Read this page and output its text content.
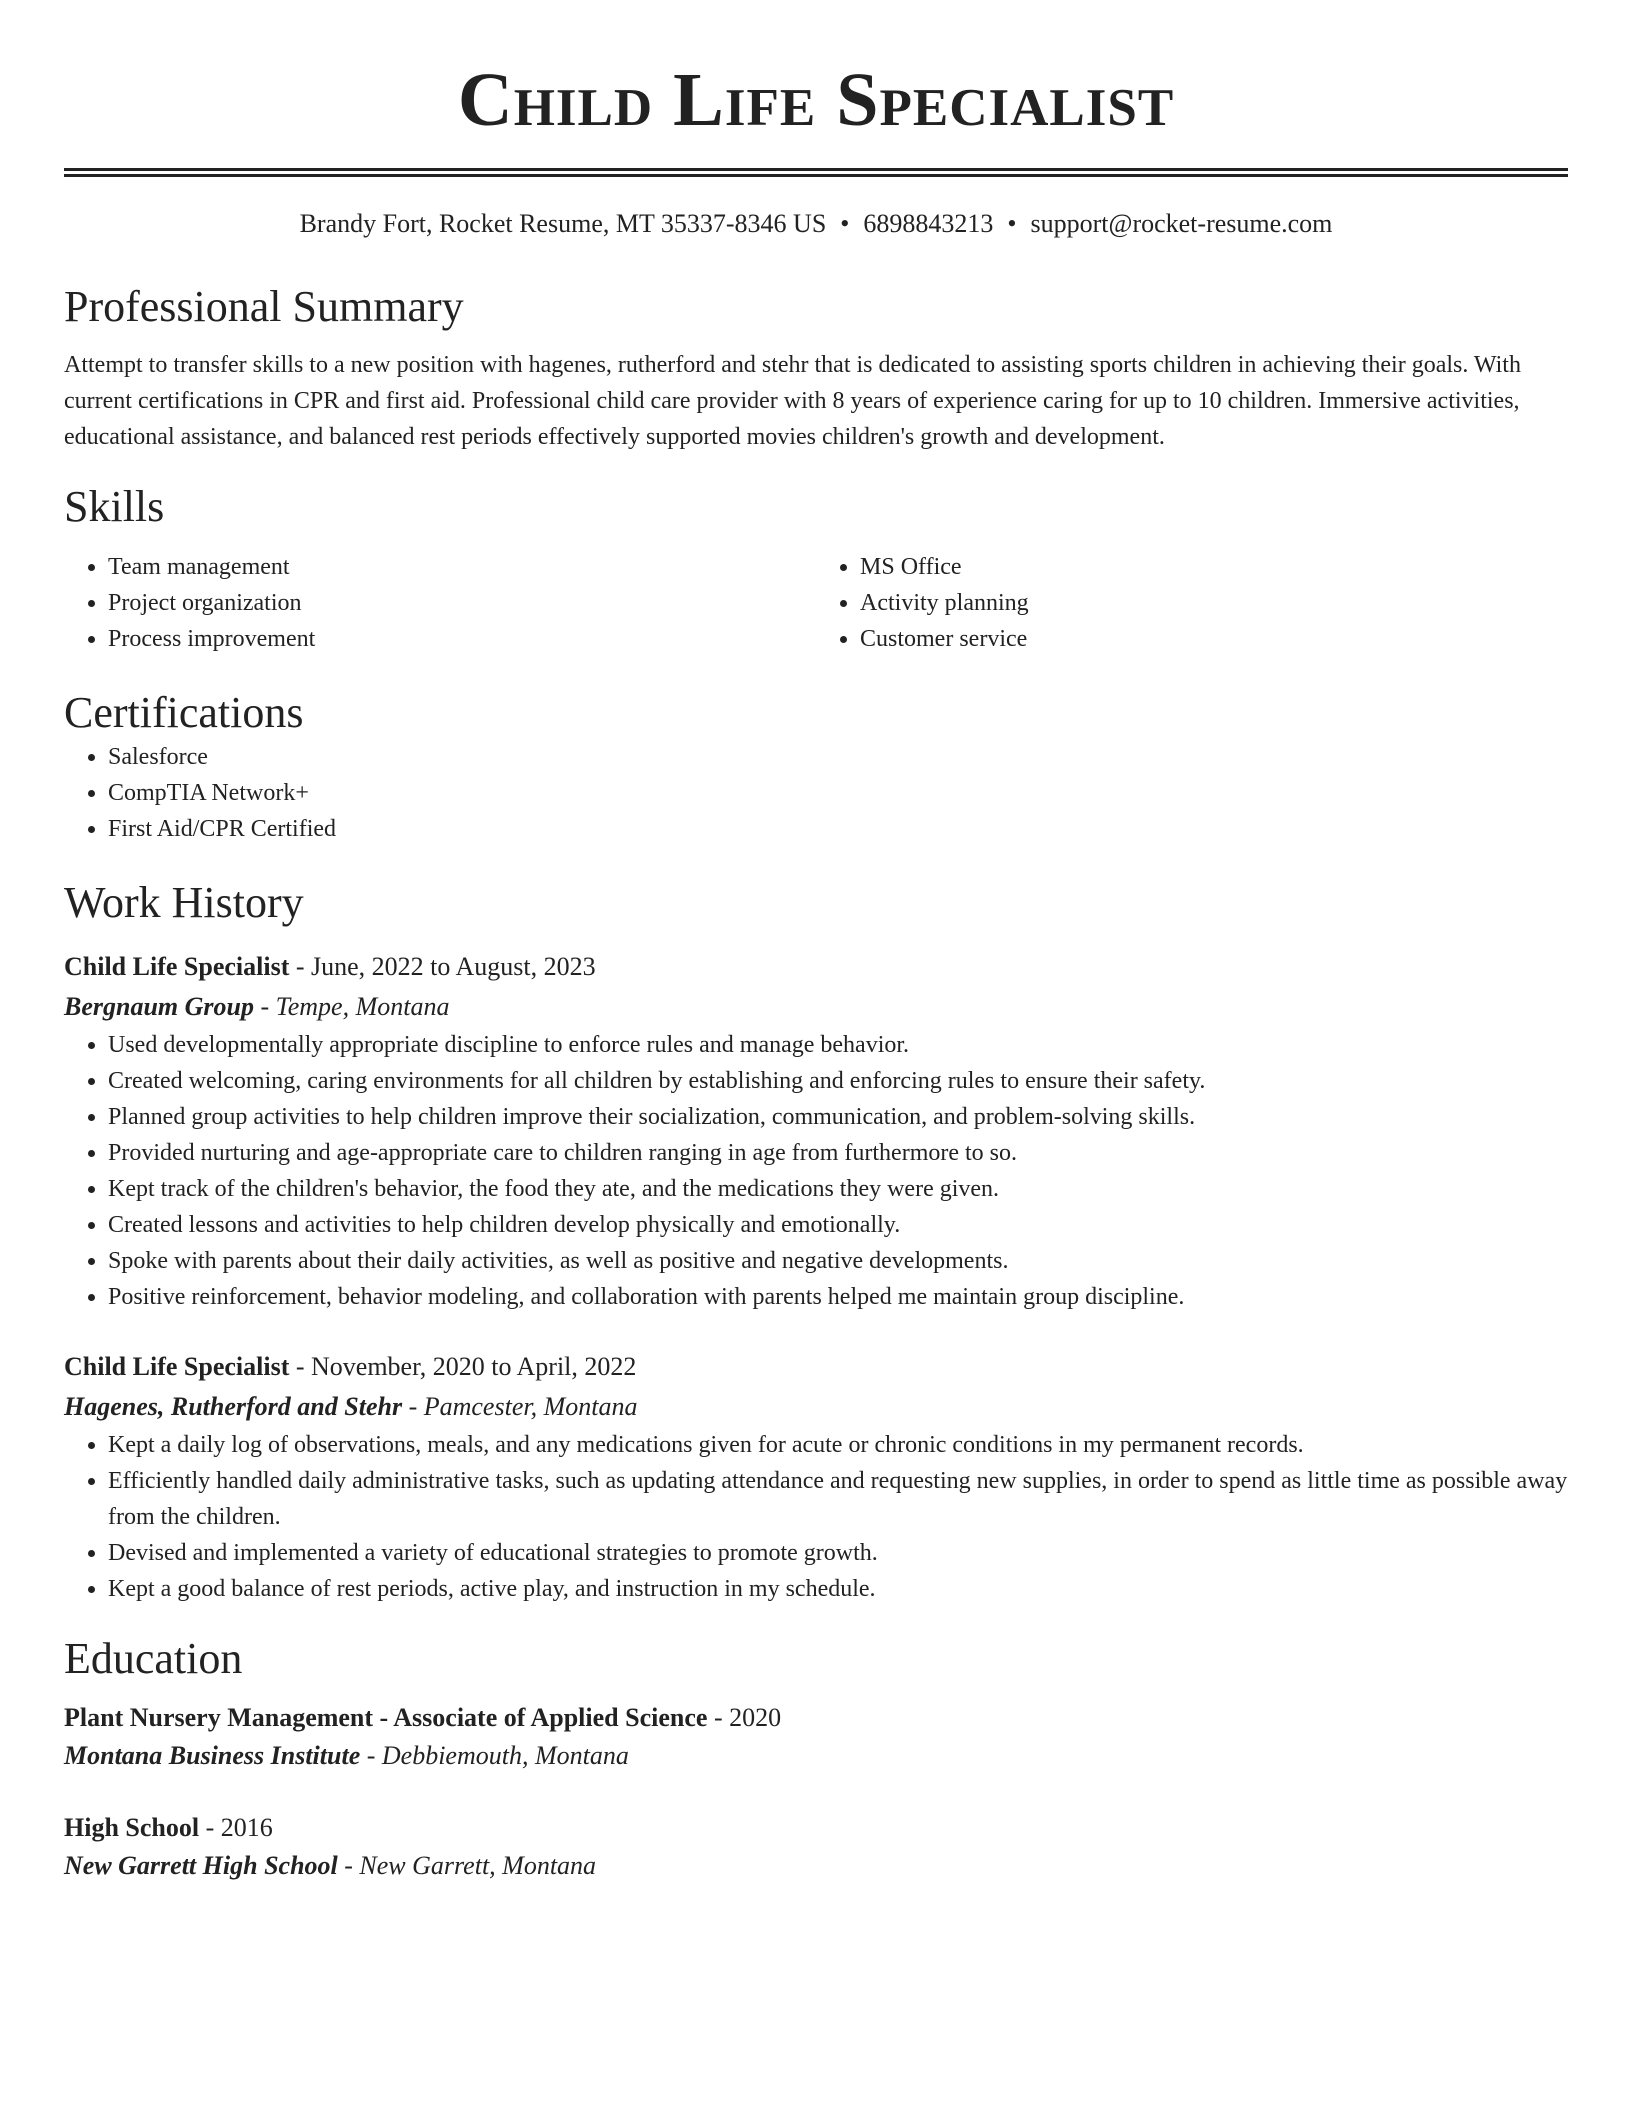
Child Life Specialist
Brandy Fort, Rocket Resume, MT 35337-8346 US • 6898843213 • support@rocket-resume.com
Professional Summary

Attempt to transfer skills to a new position with hagenes, rutherford and stehr that is dedicated to assisting sports children in achieving their goals. With current certifications in CPR and first aid. Professional child care provider with 8 years of experience caring for up to 10 children. Immersive activities, educational assistance, and balanced rest periods effectively supported movies children's growth and development.

Skills
• Team management
• Project organization
• Process improvement
• MS Office
• Activity planning
• Customer service
Certifications
• Salesforce
• CompTIA Network+
• First Aid/CPR Certified
Work History
Child Life Specialist - June, 2022 to August, 2023
Bergnaum Group - Tempe, Montana
• Used developmentally appropriate discipline to enforce rules and manage behavior.
• Created welcoming, caring environments for all children by establishing and enforcing rules to ensure their safety.
• Planned group activities to help children improve their socialization, communication, and problem-solving skills.
• Provided nurturing and age-appropriate care to children ranging in age from furthermore to so.
• Kept track of the children's behavior, the food they ate, and the medications they were given.
• Created lessons and activities to help children develop physically and emotionally.
• Spoke with parents about their daily activities, as well as positive and negative developments.
• Positive reinforcement, behavior modeling, and collaboration with parents helped me maintain group discipline.
Child Life Specialist - November, 2020 to April, 2022
Hagenes, Rutherford and Stehr - Pamcester, Montana
• Kept a daily log of observations, meals, and any medications given for acute or chronic conditions in my permanent records.
• Efficiently handled daily administrative tasks, such as updating attendance and requesting new supplies, in order to spend as little time as possible away from the children.
• Devised and implemented a variety of educational strategies to promote growth.
• Kept a good balance of rest periods, active play, and instruction in my schedule.
Education
Plant Nursery Management - Associate of Applied Science - 2020
Montana Business Institute - Debbiemouth, Montana
High School - 2016
New Garrett High School - New Garrett, Montana
